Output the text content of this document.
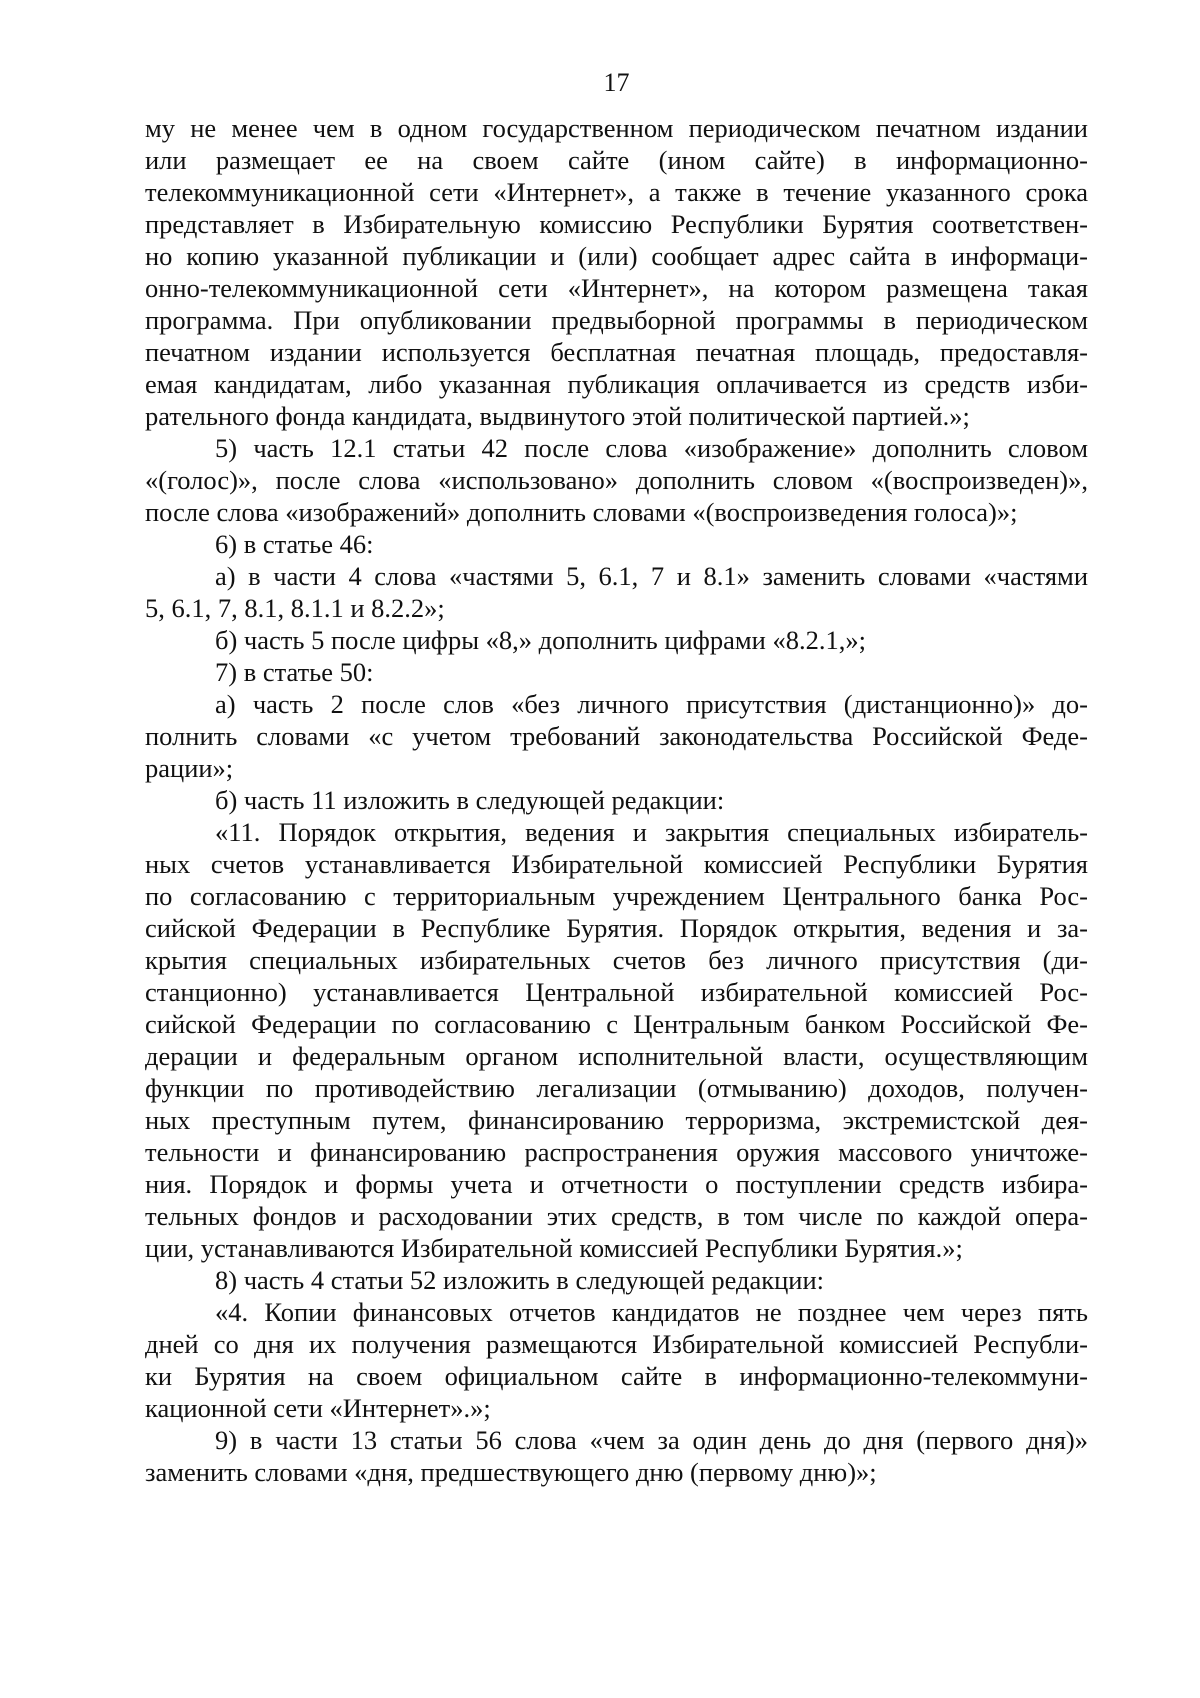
17
му не менее чем в одном государственном периодическом печатном издании
или размещает ее на своем сайте (ином сайте) в информационно-
телекоммуникационной сети «Интернет», а также в течение указанного срока
представляет в Избирательную комиссию Республики Бурятия соответствен-
но копию указанной публикации и (или) сообщает адрес сайта в информаци-
онно-телекоммуникационной сети «Интернет», на котором размещена такая
программа. При опубликовании предвыборной программы в периодическом
печатном издании используется бесплатная печатная площадь, предоставля-
емая кандидатам, либо указанная публикация оплачивается из средств изби-
рательного фонда кандидата, выдвинутого этой политической партией.»;
5) часть 12.1 статьи 42 после слова «изображение» дополнить словом
«(голос)», после слова «использовано» дополнить словом «(воспроизведен)»,
после слова «изображений» дополнить словами «(воспроизведения голоса)»;
6) в статье 46:
а) в части 4 слова «частями 5, 6.1, 7 и 8.1» заменить словами «частями
5, 6.1, 7, 8.1, 8.1.1 и 8.2.2»;
б) часть 5 после цифры «8,» дополнить цифрами «8.2.1,»;
7) в статье 50:
а) часть 2 после слов «без личного присутствия (дистанционно)» до-
полнить словами «с учетом требований законодательства Российской Феде-
рации»;
б) часть 11 изложить в следующей редакции:
«11. Порядок открытия, ведения и закрытия специальных избиратель-
ных счетов устанавливается Избирательной комиссией Республики Бурятия
по согласованию с территориальным учреждением Центрального банка Рос-
сийской Федерации в Республике Бурятия. Порядок открытия, ведения и за-
крытия специальных избирательных счетов без личного присутствия (ди-
станционно) устанавливается Центральной избирательной комиссией Рос-
сийской Федерации по согласованию с Центральным банком Российской Фе-
дерации и федеральным органом исполнительной власти, осуществляющим
функции по противодействию легализации (отмыванию) доходов, получен-
ных преступным путем, финансированию терроризма, экстремистской дея-
тельности и финансированию распространения оружия массового уничтоже-
ния. Порядок и формы учета и отчетности о поступлении средств избира-
тельных фондов и расходовании этих средств, в том числе по каждой опера-
ции, устанавливаются Избирательной комиссией Республики Бурятия.»;
8) часть 4 статьи 52 изложить в следующей редакции:
«4. Копии финансовых отчетов кандидатов не позднее чем через пять
дней со дня их получения размещаются Избирательной комиссией Республи-
ки Бурятия на своем официальном сайте в информационно-телекоммуни-
кационной сети «Интернет».»;
9) в части 13 статьи 56 слова «чем за один день до дня (первого дня)»
заменить словами «дня, предшествующего дню (первому дню)»;
